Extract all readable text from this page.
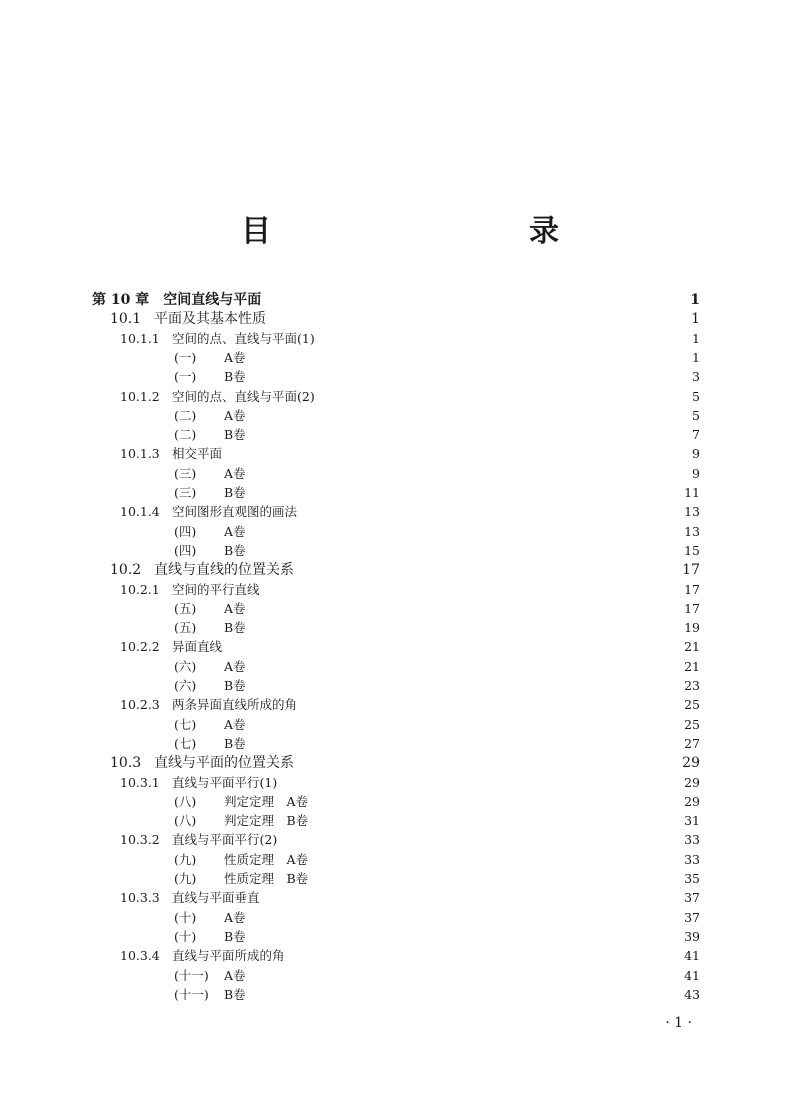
目　　录
第 10 章 空间直线与平面	1
10.1 平面及其基本性质	1
10.1.1 空间的点、直线与平面(1)	1
(一) A卷	1
(一) B卷	3
10.1.2 空间的点、直线与平面(2)	5
(二) A卷	5
(二) B卷	7
10.1.3 相交平面	9
(三) A卷	9
(三) B卷	11
10.1.4 空间图形直观图的画法	13
(四) A卷	13
(四) B卷	15
10.2 直线与直线的位置关系	17
10.2.1 空间的平行直线	17
(五) A卷	17
(五) B卷	19
10.2.2 异面直线	21
(六) A卷	21
(六) B卷	23
10.2.3 两条异面直线所成的角	25
(七) A卷	25
(七) B卷	27
10.3 直线与平面的位置关系	29
10.3.1 直线与平面平行(1)	29
(八) 判定定理　A卷	29
(八) 判定定理　B卷	31
10.3.2 直线与平面平行(2)	33
(九) 性质定理　A卷	33
(九) 性质定理　B卷	35
10.3.3 直线与平面垂直	37
(十) A卷	37
(十) B卷	39
10.3.4 直线与平面所成的角	41
(十一) A卷	41
(十一) B卷	43
· 1 ·
